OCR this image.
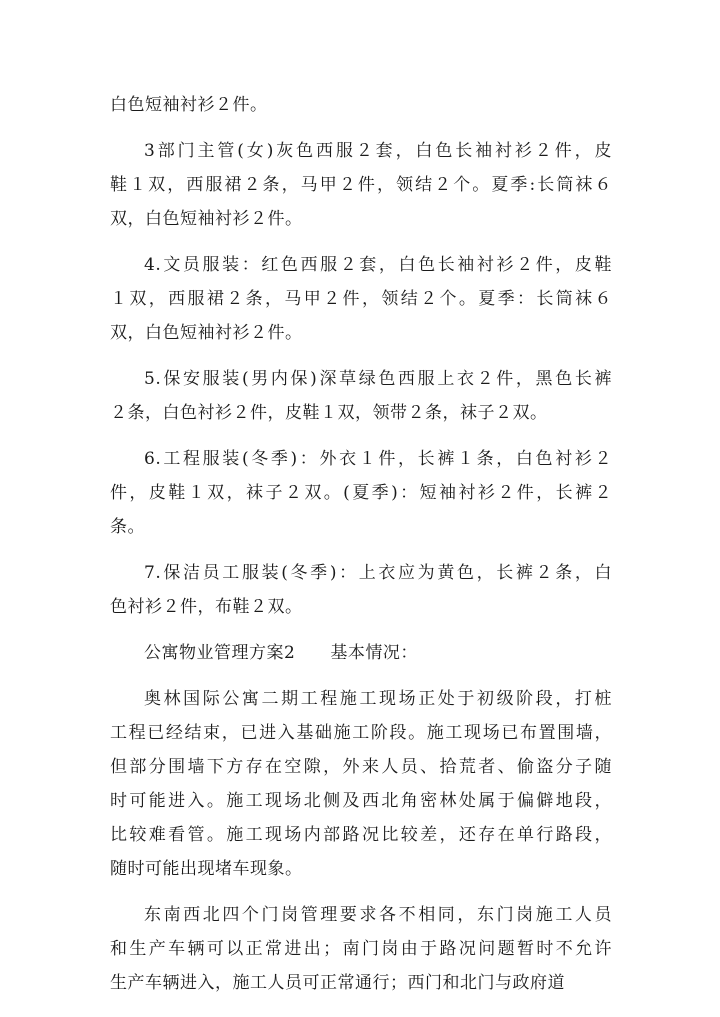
白色短袖衬衫２件。

3部门主管(女)灰色西服２套，白色长袖衬衫２件，皮
鞋１双，西服裙２条，马甲２件，领结２个。夏季:长筒袜６
双，白色短袖衬衫２件。

4.文员服装：红色西服２套，白色长袖衬衫２件，皮鞋
１双，西服裙２条，马甲２件，领结２个。夏季：长筒袜６
双，白色短袖衬衫２件。

5.保安服装(男内保)深草绿色西服上衣２件，黑色长裤
２条，白色衬衫２件，皮鞋１双，领带２条，袜子２双。

6.工程服装(冬季)：外衣１件，长裤１条，白色衬衫２
件，皮鞋１双，袜子２双。(夏季)：短袖衬衫２件，长裤２
条。

7.保洁员工服装(冬季)：上衣应为黄色，长裤２条，白
色衬衫２件，布鞋２双。

公寓物业管理方案2　　基本情况：

奥林国际公寓二期工程施工现场正处于初级阶段，打桩
工程已经结束，已进入基础施工阶段。施工现场已布置围墙，
但部分围墙下方存在空隙，外来人员、拾荒者、偷盗分子随
时可能进入。施工现场北侧及西北角密林处属于偏僻地段，
比较难看管。施工现场内部路况比较差，还存在单行路段，
随时可能出现堵车现象。

东南西北四个门岗管理要求各不相同，东门岗施工人员
和生产车辆可以正常进出；南门岗由于路况问题暂时不允许
生产车辆进入，施工人员可正常通行；西门和北门与政府道
